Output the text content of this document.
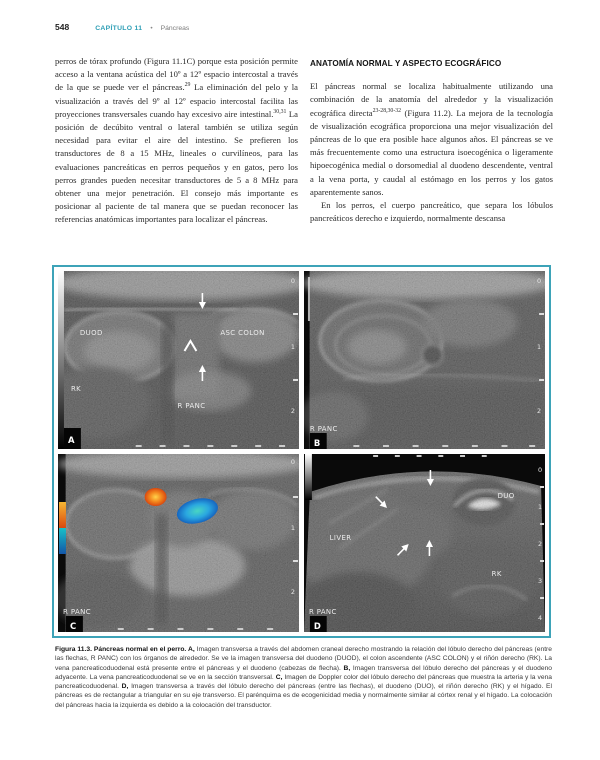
548	CAPÍTULO 11 • Páncreas

perros de tórax profundo (Figura 11.1C) porque esta posición permite acceso a la ventana acústica del 10º a 12º espacio intercostal a través de la que se puede ver el páncreas.$^{29}$ La eliminación del pelo y la visualización a través del 9º al 12º espacio intercostal facilita las proyecciones transversales cuando hay excesivo aire intestinal.$^{30,31}$ La posición de decúbito ventral o lateral también se utiliza según necesidad para evitar el aire del intestino. Se prefieren los transductores de 8 a 15 MHz, lineales o curvilíneos, para las evaluaciones pancreáticas en perros pequeños y en gatos, pero los perros grandes pueden necesitar transductores de 5 a 8 MHz para obtener una mejor penetración. El consejo más importante es posicionar al paciente de tal manera que se puedan reconocer las referencias anatómicas importantes para localizar el páncreas.

ANATOMÍA NORMAL Y ASPECTO ECOGRÁFICO

El páncreas normal se localiza habitualmente utilizando una combinación de la anatomía del alrededor y la visualización ecográfica directa$^{23-28,30-32}$ (Figura 11.2). La mejora de la tecnología de visualización ecográfica proporciona una mejor visualización del páncreas de lo que era posible hace algunos años. El páncreas se ve más frecuentemente como una estructura isoecogénica o ligeramente hipoecogénica medial o dorsomedial al duodeno descendente, ventral a la vena porta, y caudal al estómago en los perros y los gatos aparentemente sanos.

En los perros, el cuerpo pancreático, que separa los lóbulos pancreáticos derecho e izquierdo, normalmente descansa

DUOD	ASC COLON
RK
R PANC
0
1
2
A
R PANC
0
1
2
B
R PANC
0
1
2
C
LIVER
DUO
RK
R PANC
0
1
2
3
4
D
Figura 11.3. Páncreas normal en el perro. A, Imagen transversa a través del abdomen craneal derecho mostrando la relación del lóbulo derecho del páncreas (entre las flechas, R PANC) con los órganos de alrededor. Se ve la imagen transversa del duodeno (DUOD), el colon ascendente (ASC COLON) y el riñón derecho (RK). La vena pancreaticoduodenal está presente entre el páncreas y el duodeno (cabezas de flecha). B, Imagen transversa del lóbulo derecho del páncreas y el duodeno adyacente. La vena pancreaticoduodenal se ve en la sección transversal. C, Imagen de Doppler color del lóbulo derecho del páncreas que muestra la arteria y la vena pancreaticoduodenal. D, Imagen transversa a través del lóbulo derecho del páncreas (entre las flechas), el duodeno (DUO), el riñón derecho (RK) y el hígado. El páncreas es de rectangular a triangular en su eje transverso. El parénquima es de ecogenicidad media y normalmente similar al córtex renal y el hígado. La colocación del páncreas hacia la izquierda es debido a la colocación del transductor.
